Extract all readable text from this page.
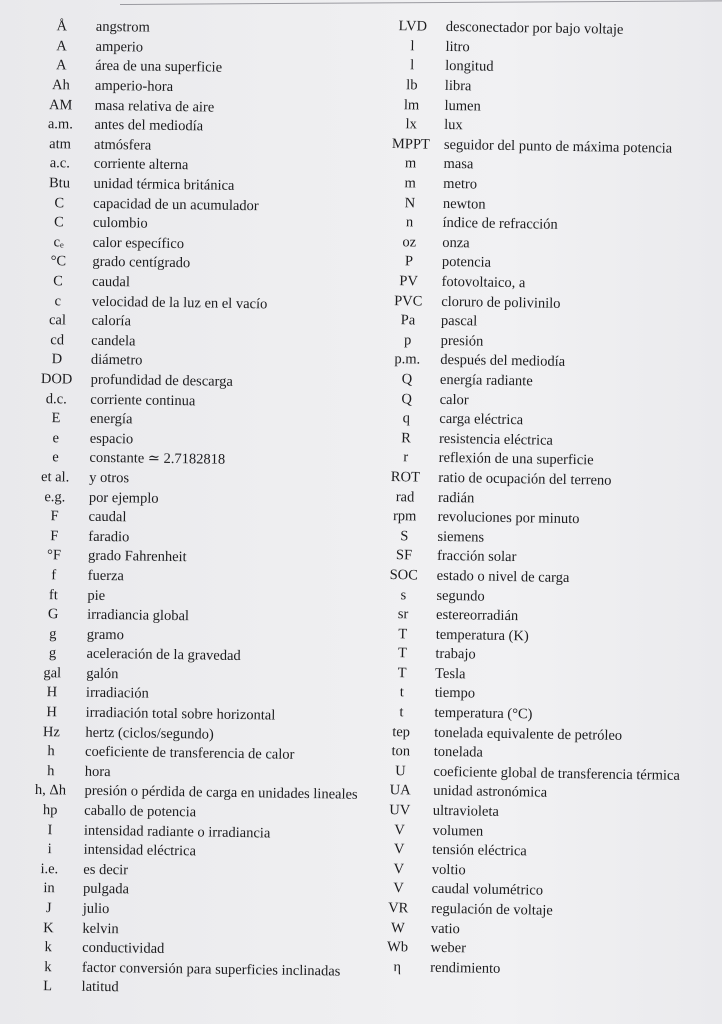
Å	angstrom
A	amperio
A	área de una superficie
Ah	amperio-hora
AM	masa relativa de aire
a.m.	antes del mediodía
atm	atmósfera
a.c.	corriente alterna
Btu	unidad térmica británica
C	capacidad de un acumulador
C	culombio
cₑ	calor específico
°C	grado centígrado
C	caudal
c	velocidad de la luz en el vacío
cal	caloría
cd	candela
D	diámetro
DOD	profundidad de descarga
d.c.	corriente continua
E	energía
e	espacio
e	constante ≃ 2.7182818
et al.	y otros
e.g.	por ejemplo
F	caudal
F	faradio
°F	grado Fahrenheit
f	fuerza
ft	pie
G	irradiancia global
g	gramo
g	aceleración de la gravedad
gal	galón
H	irradiación
H	irradiación total sobre horizontal
Hz	hertz (ciclos/segundo)
h	coeficiente de transferencia de calor
h	hora
h, Δh	presión o pérdida de carga en unidades lineales
hp	caballo de potencia
I	intensidad radiante o irradiancia
i	intensidad eléctrica
i.e.	es decir
in	pulgada
J	julio
K	kelvin
k	conductividad
k	factor conversión para superficies inclinadas
L	latitud
LVD	desconectador por bajo voltaje
l	litro
l	longitud
lb	libra
lm	lumen
lx	lux
MPPT seguidor del punto de máxima potencia
m	masa
m	metro
N	newton
n	índice de refracción
oz	onza
P	potencia
PV	fotovoltaico, a
PVC	cloruro de polivinilo
Pa	pascal
p	presión
p.m.	después del mediodía
Q	energía radiante
Q	calor
q	carga eléctrica
R	resistencia eléctrica
r	reflexión de una superficie
ROT	ratio de ocupación del terreno
rad	radián
rpm	revoluciones por minuto
S	siemens
SF	fracción solar
SOC	estado o nivel de carga
s	segundo
sr	estereorradián
T	temperatura (K)
T	trabajo
T	Tesla
t	tiempo
t	temperatura (°C)
tep	tonelada equivalente de petróleo
ton	tonelada
U	coeficiente global de transferencia térmica
UA	unidad astronómica
UV	ultravioleta
V	volumen
V	tensión eléctrica
V	voltio
V	caudal volumétrico
VR	regulación de voltaje
W	vatio
Wb	weber
η	rendimiento
